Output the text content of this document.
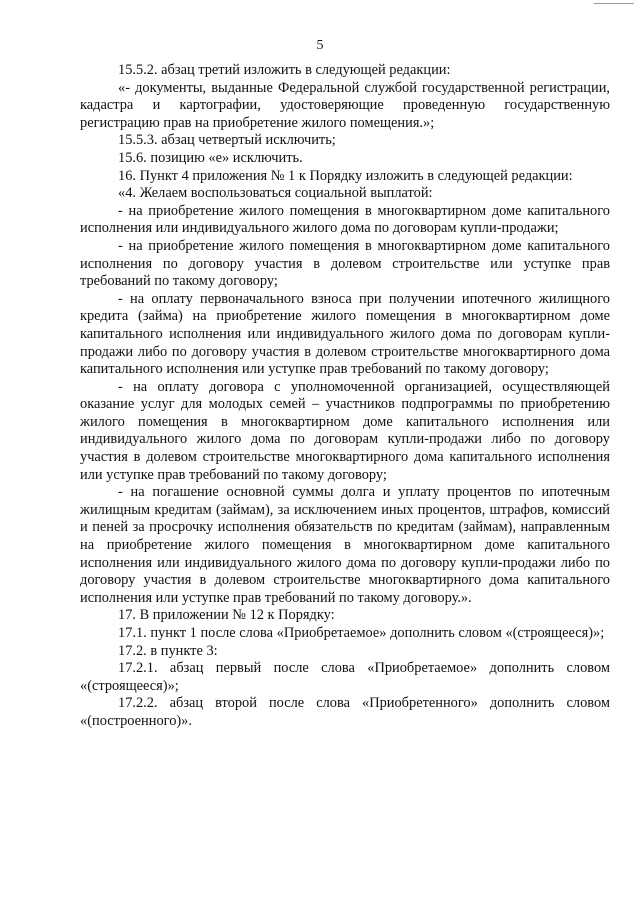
5

15.5.2. абзац третий изложить в следующей редакции:

«- документы, выданные Федеральной службой государственной регистрации, кадастра и картографии, удостоверяющие проведенную государственную регистрацию прав на приобретение жилого помещения.»;

15.5.3. абзац четвертый исключить;

15.6. позицию «е» исключить.

16. Пункт 4 приложения № 1 к Порядку изложить в следующей редакции:

«4. Желаем воспользоваться социальной выплатой:

- на приобретение жилого помещения в многоквартирном доме капитального исполнения или индивидуального жилого дома по договорам купли-продажи;

- на приобретение жилого помещения в многоквартирном доме капитального исполнения по договору участия в долевом строительстве или уступке прав требований по такому договору;

- на оплату первоначального взноса при получении ипотечного жилищного кредита (займа) на приобретение жилого помещения в многоквартирном доме капитального исполнения или индивидуального жилого дома по договорам купли-продажи либо по договору участия в долевом строительстве многоквартирного дома капитального исполнения или уступке прав требований по такому договору;

- на оплату договора с уполномоченной организацией, осуществляющей оказание услуг для молодых семей – участников подпрограммы по приобретению жилого помещения в многоквартирном доме капитального исполнения или индивидуального жилого дома по договорам купли-продажи либо по договору участия в долевом строительстве многоквартирного дома капитального исполнения или уступке прав требований по такому договору;

- на погашение основной суммы долга и уплату процентов по ипотечным жилищным кредитам (займам), за исключением иных процентов, штрафов, комиссий и пеней за просрочку исполнения обязательств по кредитам (займам), направленным на приобретение жилого помещения в многоквартирном доме капитального исполнения или индивидуального жилого дома по договору купли-продажи либо по договору участия в долевом строительстве многоквартирного дома капитального исполнения или уступке прав требований по такому договору.».

17. В приложении № 12 к Порядку:

17.1. пункт 1 после слова «Приобретаемое» дополнить словом «(строящееся)»;

17.2. в пункте 3:

17.2.1. абзац первый после слова «Приобретаемое» дополнить словом «(строящееся)»;

17.2.2. абзац второй после слова «Приобретенного» дополнить словом «(построенного)».
